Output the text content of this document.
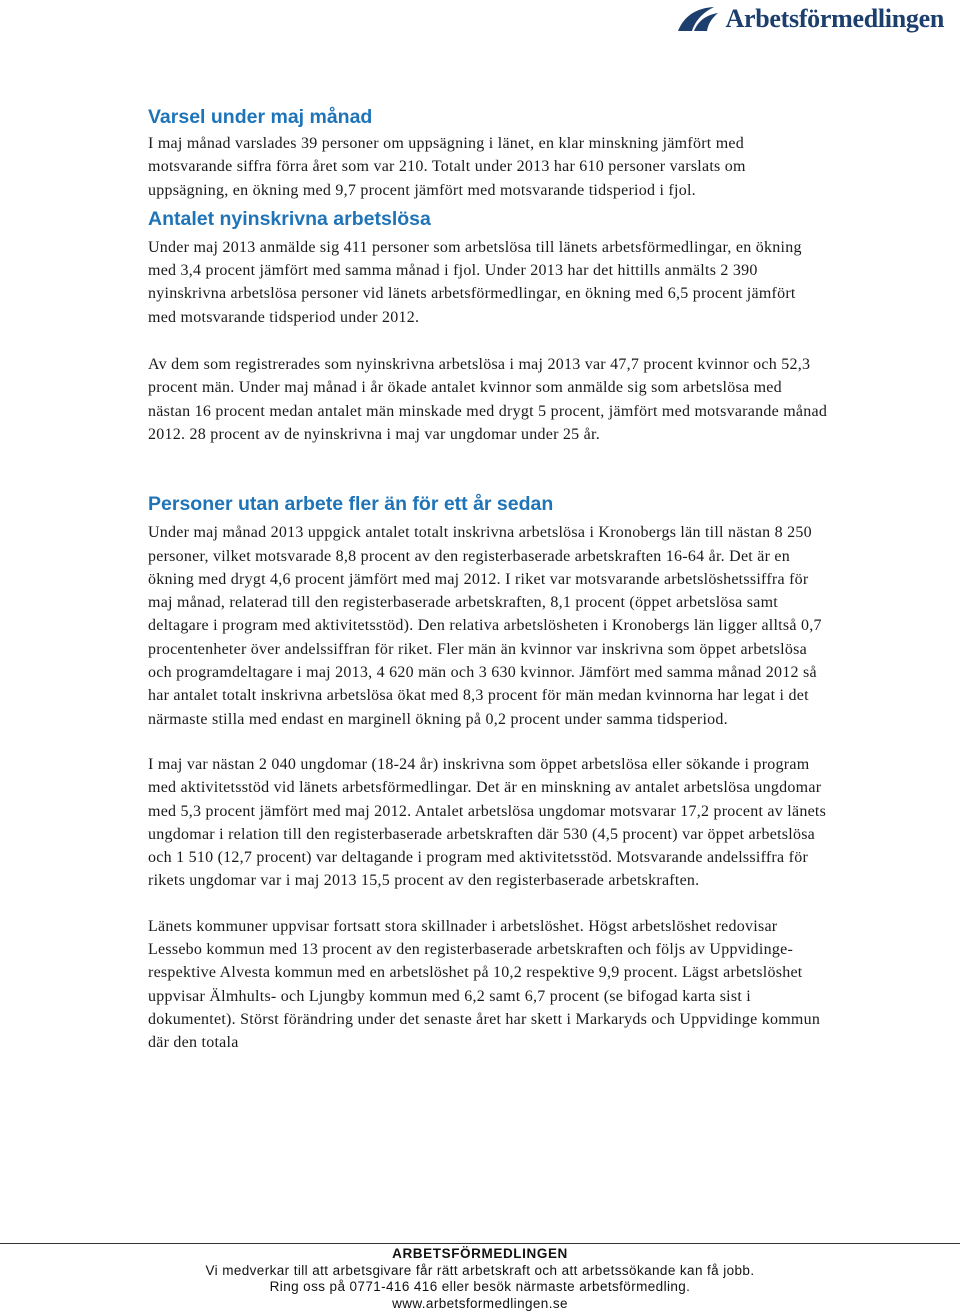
Arbetsförmedlingen
Varsel under maj månad

I maj månad varslades 39 personer om uppsägning i länet, en klar minskning jämfört med motsvarande siffra förra året som var 210. Totalt under 2013 har 610 personer varslats om uppsägning, en ökning med 9,7 procent jämfört med motsvarande tidsperiod i fjol.

Antalet nyinskrivna arbetslösa

Under maj 2013 anmälde sig 411 personer som arbetslösa till länets arbetsförmedlingar, en ökning med 3,4 procent jämfört med samma månad i fjol. Under 2013 har det hittills anmälts 2 390 nyinskrivna arbetslösa personer vid länets arbetsförmedlingar, en ökning med 6,5 procent jämfört med motsvarande tidsperiod under 2012.

Av dem som registrerades som nyinskrivna arbetslösa i maj 2013 var 47,7 procent kvinnor och 52,3 procent män. Under maj månad i år ökade antalet kvinnor som anmälde sig som arbetslösa med nästan 16 procent medan antalet män minskade med drygt 5 procent, jämfört med motsvarande månad 2012. 28 procent av de nyinskrivna i maj var ungdomar under 25 år.

Personer utan arbete fler än för ett år sedan

Under maj månad 2013 uppgick antalet totalt inskrivna arbetslösa i Kronobergs län till nästan 8 250 personer, vilket motsvarade 8,8 procent av den registerbaserade arbetskraften 16-64 år. Det är en ökning med drygt 4,6 procent jämfört med maj 2012. I riket var motsvarande arbetslöshetssiffra för maj månad, relaterad till den registerbaserade arbetskraften, 8,1 procent (öppet arbetslösa samt deltagare i program med aktivitetsstöd). Den relativa arbetslösheten i Kronobergs län ligger alltså 0,7 procentenheter över andelssiffran för riket. Fler män än kvinnor var inskrivna som öppet arbetslösa och programdeltagare i maj 2013, 4 620 män och 3 630 kvinnor. Jämfört med samma månad 2012 så har antalet totalt inskrivna arbetslösa ökat med 8,3 procent för män medan kvinnorna har legat i det närmaste stilla med endast en marginell ökning på 0,2 procent under samma tidsperiod.

I maj var nästan 2 040 ungdomar (18-24 år) inskrivna som öppet arbetslösa eller sökande i program med aktivitetsstöd vid länets arbetsförmedlingar. Det är en minskning av antalet arbetslösa ungdomar med 5,3 procent jämfört med maj 2012. Antalet arbetslösa ungdomar motsvarar 17,2 procent av länets ungdomar i relation till den registerbaserade arbetskraften där 530 (4,5 procent) var öppet arbetslösa och 1 510 (12,7 procent) var deltagande i program med aktivitetsstöd. Motsvarande andelssiffra för rikets ungdomar var i maj 2013 15,5 procent av den registerbaserade arbetskraften.

Länets kommuner uppvisar fortsatt stora skillnader i arbetslöshet. Högst arbetslöshet redovisar Lessebo kommun med 13 procent av den registerbaserade arbetskraften och följs av Uppvidinge- respektive Alvesta kommun med en arbetslöshet på 10,2 respektive 9,9 procent. Lägst arbetslöshet uppvisar Älmhults- och Ljungby kommun med 6,2 samt 6,7 procent (se bifogad karta sist i dokumentet). Störst förändring under det senaste året har skett i Markaryds och Uppvidinge kommun där den totala

ARBETSFÖRMEDLINGEN
Vi medverkar till att arbetsgivare får rätt arbetskraft och att arbetssökande kan få jobb.
Ring oss på 0771-416 416 eller besök närmaste arbetsförmedling.
www.arbetsformedlingen.se
